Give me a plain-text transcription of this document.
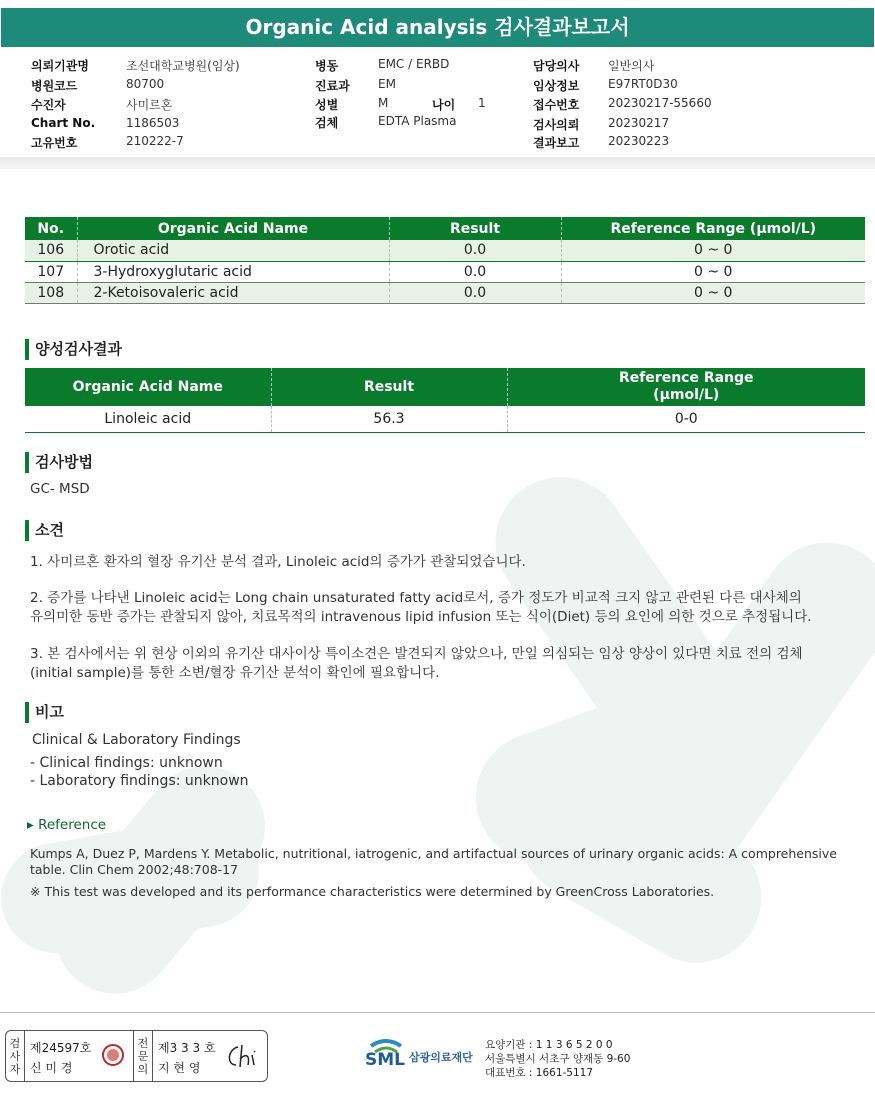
Organic Acid analysis 검사결과보고서
의뢰기관명	조선대학교병원(임상)
병원코드	80700
수진자	사미르혼
Chart No.	1186503
고유번호	210222-7
병동	EMC / ERBD
진료과 EM
성별	M	나이 1
검체	EDTA Plasma
담당의사 일반의사
임상정보 E97RT0D30
접수번호 20230217-55660
검사의뢰 20230217
결과보고 20230223
No.	Organic Acid Name	Result	Reference Range (μmol/L)
106	Orotic acid	0.0	0 ~ 0
107	3-Hydroxyglutaric acid	0.0	0 ~ 0
108	2-Ketoisovaleric acid	0.0	0 ~ 0
양성검사결과
Organic Acid Name	Result	Reference Range
(μmol/L)

Linoleic acid	56.3	0-0
검사방법
GC- MSD
소견
1. 사미르혼 환자의 혈장 유기산 분석 결과, Linoleic acid의 증가가 관찰되었습니다.
2. 증가를 나타낸 Linoleic acid는 Long chain unsaturated fatty acid로서, 증가 정도가 비교적 크지 않고 관련된 다른 대사체의
유의미한 동반 증가는 관찰되지 않아, 치료목적의 intravenous lipid infusion 또는 식이(Diet) 등의 요인에 의한 것으로 추정됩니다.
3. 본 검사에서는 위 현상 이외의 유기산 대사이상 특이소견은 발견되지 않았으나, 만일 의심되는 임상 양상이 있다면 치료 전의 검체
(initial sample)를 통한 소변/혈장 유기산 분석이 확인에 필요합니다.
비고
Clinical & Laboratory Findings
- Clinical findings: unknown
- Laboratory findings: unknown
▸ Reference
Kumps A, Duez P, Mardens Y. Metabolic, nutritional, iatrogenic, and artifactual sources of urinary organic acids: A comprehensive
table. Clin Chem 2002;48:708-17
※ This test was developed and its performance characteristics were determined by GreenCross Laboratories.
검사자
제24597호
신 미 경
전문의
제3 3 3 호
지 현 영	SML 삼광의료재단
요양기관 : 1 1 3 6 5 2 0 0
서울특별시 서초구 양재동 9-60
대표번호 : 1661-5117
